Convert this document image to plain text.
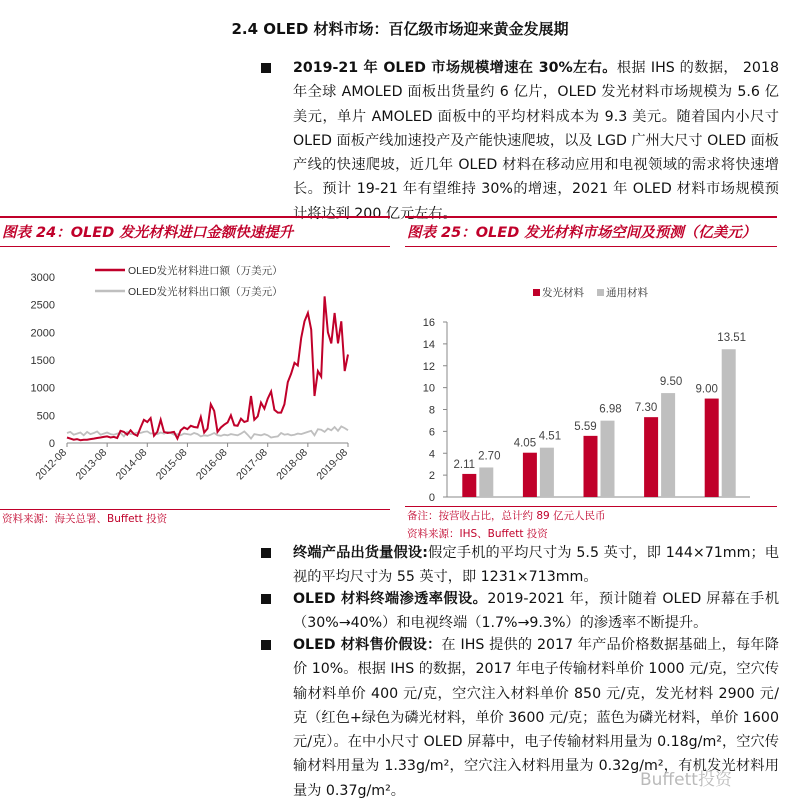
2.4 OLED 材料市场：百亿级市场迎来黄金发展期
2019-21 年 OLED 市场规模增速在 30%左右。根据 IHS 的数据， 2018 年全球 AMOLED 面板出货量约 6 亿片，OLED 发光材料市场规模为 5.6 亿美元，单片 AMOLED 面板中的平均材料成本为 9.3 美元。随着国内小尺寸 OLED 面板产线加速投产及产能快速爬坡，以及 LGD 广州大尺寸 OLED 面板产线的快速爬坡，近几年 OLED 材料在移动应用和电视领域的需求将快速增长。预计 19-21 年有望维持 30%的增速，2021 年 OLED 材料市场规模预计将达到 200 亿元左右。
图表 24：OLED 发光材料进口金额快速提升
0
500
1000
1500
2000
2500
3000
2012-08 2013-08 2014-08 2015-08 2016-08 2017-08 2018-08 2019-08
OLED发光材料进口额（万美元）
OLED发光材料出口额（万美元）
资料来源：海关总署、Buffett 投资
图表 25：OLED 发光材料市场空间及预测（亿美元）
0
2
4
6
8
10
12
14
16
2.11
2.70
4.05
4.51
5.59
6.98 7.30
9.50
9.00
13.51
发光材料 通用材料
备注：按营收占比，总计约 89 亿元人民币
资料来源：IHS、Buffett 投资
终端产品出货量假设:假定手机的平均尺寸为 5.5 英寸，即 144×71mm；电视的平均尺寸为 55 英寸，即 1231×713mm。
OLED 材料终端渗透率假设。2019-2021 年，预计随着 OLED 屏幕在手机（30%→40%）和电视终端（1.7%→9.3%）的渗透率不断提升。
OLED 材料售价假设：在 IHS 提供的 2017 年产品价格数据基础上，每年降价 10%。根据 IHS 的数据，2017 年电子传输材料单价 1000 元/克，空穴传输材料单价 400 元/克，空穴注入材料单价 850 元/克，发光材料 2900 元/克（红色+绿色为磷光材料，单价 3600 元/克；蓝色为磷光材料，单价 1600 元/克）。在中小尺寸 OLED 屏幕中，电子传输材料用量为 0.18g/m²，空穴传输材料用量为 1.33g/m²，空穴注入材料用量为 0.32g/m²，有机发光材料用量为 0.37g/m²。
Buffett投资
